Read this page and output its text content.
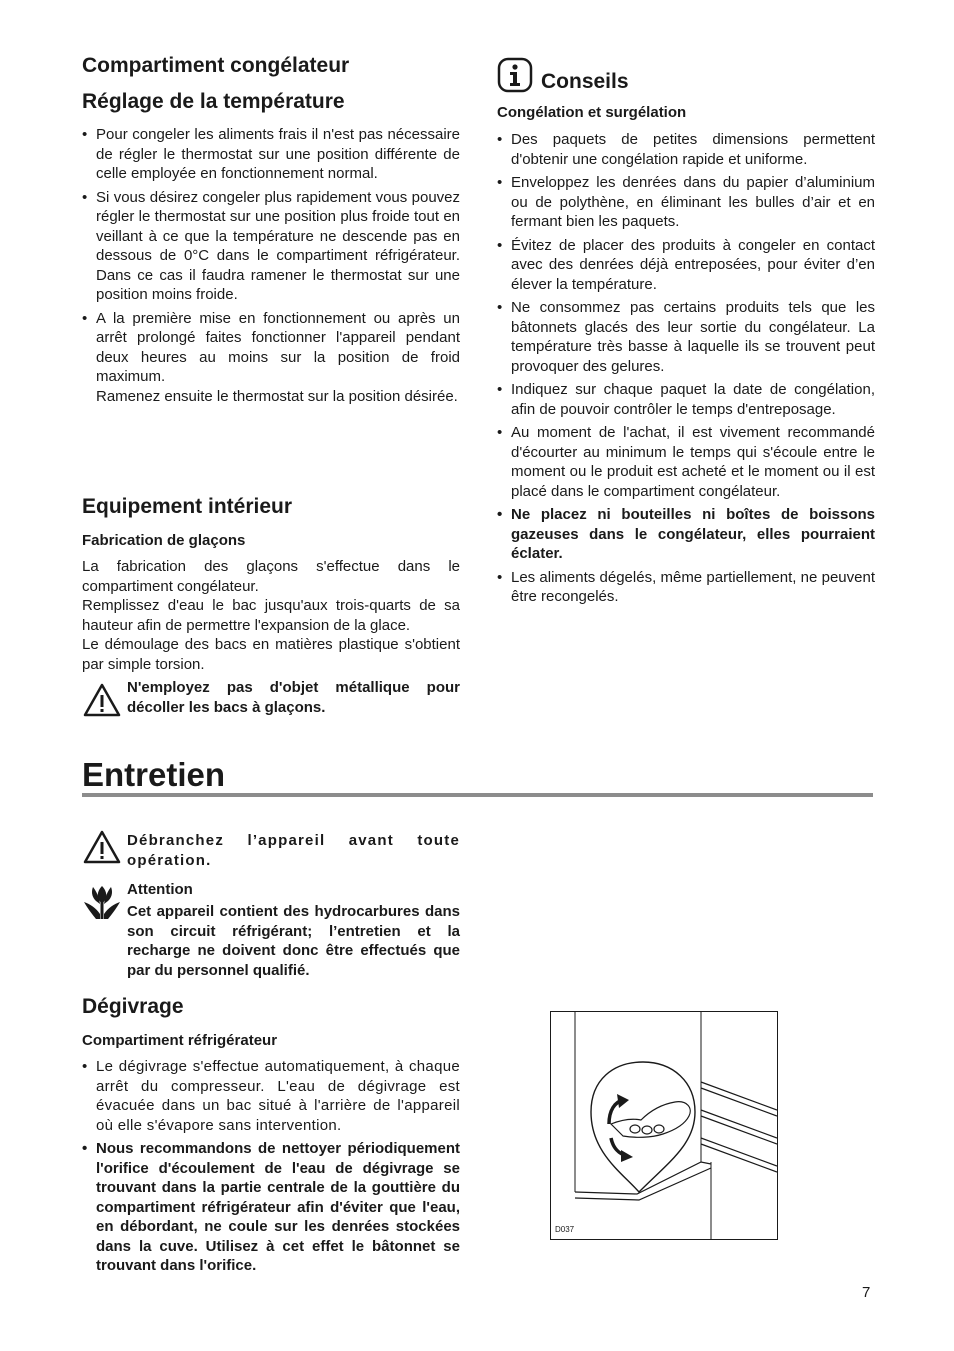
Compartiment congélateur
Réglage de la température
• Pour congeler les aliments frais il n'est pas nécessaire de régler le thermostat sur une position différente de celle employée en fonctionnement normal.
• Si vous désirez congeler plus rapidement vous pouvez régler le thermostat sur une position plus froide tout en veillant à ce que la température ne descende pas en dessous de 0°C dans le compartiment réfrigérateur. Dans ce cas il faudra ramener le thermostat sur une position moins froide.
• A la première mise en fonctionnement ou après un arrêt prolongé faites fonctionner l'appareil pendant deux heures au moins sur la position de froid maximum.
Ramenez ensuite le thermostat sur la position désirée.
Equipement intérieur
Fabrication de glaçons
La fabrication des glaçons s'effectue dans le compartiment congélateur.
Remplissez d'eau le bac jusqu'aux trois-quarts de sa hauteur afin de permettre l'expansion de la glace.
Le démoulage des bacs en matières plastique s'obtient par simple torsion.
N'employez pas d'objet métallique pour décoller les bacs à glaçons.
Conseils
Congélation et surgélation
• Des paquets de petites dimensions permettent d'obtenir une congélation rapide et uniforme.
• Enveloppez les denrées dans du papier d’aluminium ou de polythène, en éliminant les bulles d’air et en fermant bien les paquets.
• Évitez de placer des produits à congeler en contact avec des denrées déjà entreposées, pour éviter d’en élever la température.
• Ne consommez pas certains produits tels que les bâtonnets glacés des leur sortie du congélateur. La température très basse à laquelle ils se trouvent peut provoquer des gelures.
• Indiquez sur chaque paquet la date de congélation, afin de pouvoir contrôler le temps d'entreposage.
• Au moment de l'achat, il est vivement recommandé d'écourter au minimum le temps qui s'écoule entre le moment ou le produit est acheté et le moment ou il est placé dans le compartiment congélateur.
• Ne placez ni bouteilles ni boîtes de boissons gazeuses dans le congélateur, elles pourraient éclater.
• Les aliments dégelés, même partiellement, ne peuvent être recongelés.
Entretien
Débranchez l’appareil avant toute opération.
Attention
Cet appareil contient des hydrocarbures dans son circuit réfrigérant; l’entretien et la recharge ne doivent donc être effectués que par du personnel qualifié.
Dégivrage
Compartiment réfrigérateur
• Le dégivrage s'effectue automatiquement, à chaque arrêt du compresseur. L'eau de dégivrage est évacuée dans un bac situé à l'arrière de l'appareil où elle s'évapore sans intervention.
• Nous recommandons de nettoyer périodiquement l'orifice d'écoulement de l'eau de dégivrage se trouvant dans la partie centrale de la gouttière du compartiment réfrigérateur afin d'éviter que l'eau, en débordant, ne coule sur les denrées stockées dans la cuve. Utilisez à cet effet le bâtonnet se trouvant dans l'orifice.
D037
7
